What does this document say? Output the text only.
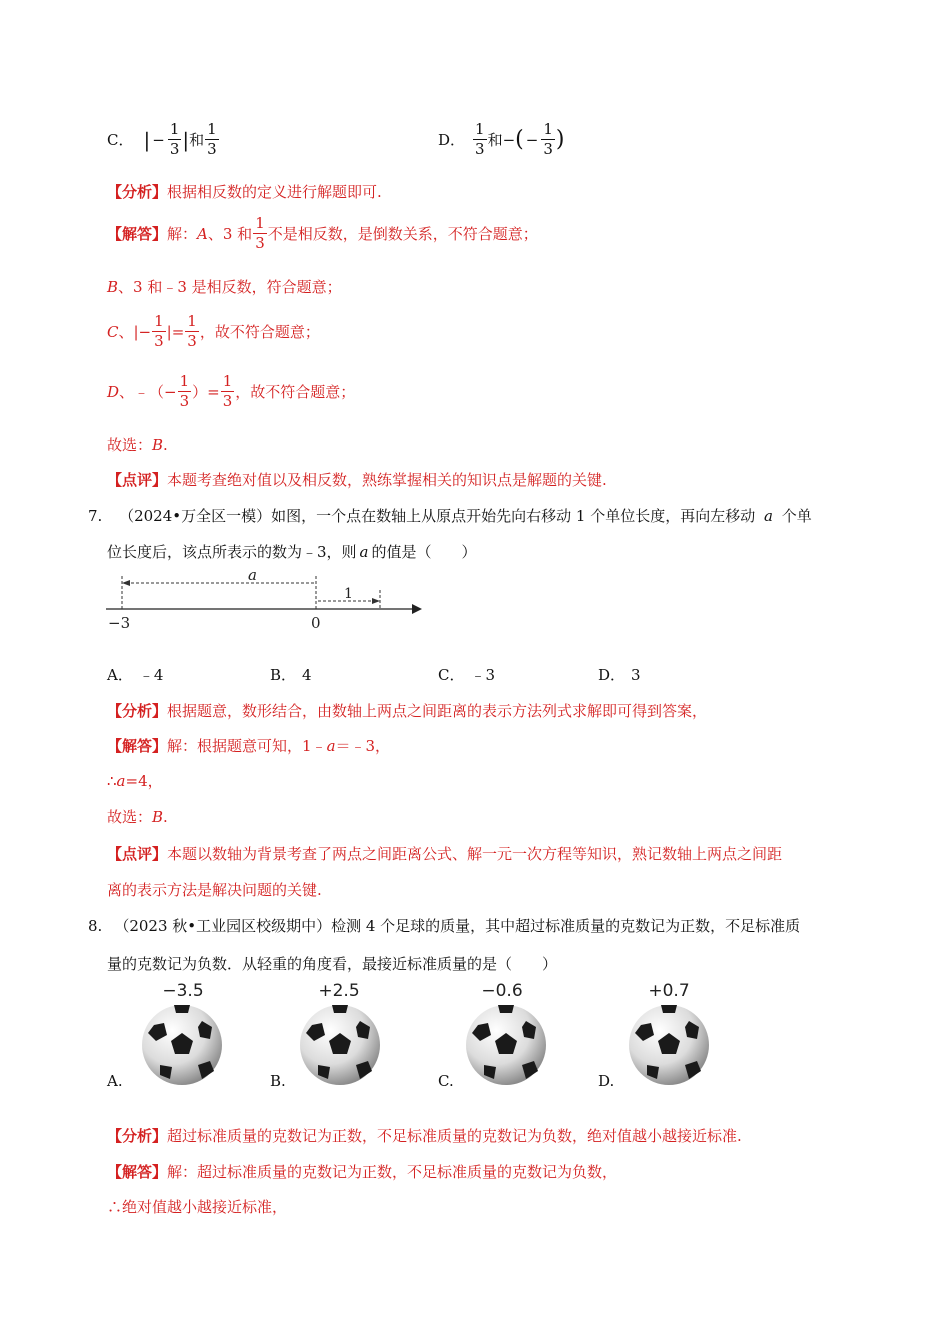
C． | − $\frac{1}{3}$ | 和 $\frac{1}{3}$	D． $\frac{1}{3}$ 和 − ( − $\frac{1}{3}$ )
【分析】根据相反数的定义进行解题即可.
【解答】 解： A 、3 和 $\frac{1}{3}$ 不是相反数，是倒数关系，不符合题意；
B、3 和﹣3 是相反数，符合题意；
C 、|− $\frac{1}{3}$ |= $\frac{1}{3}$ ，故不符合题意；
D 、﹣（− $\frac{1}{3}$ ）= $\frac{1}{3}$ ，故不符合题意；
故选：B.
【点评】本题考查绝对值以及相反数，熟练掌握相关的知识点是解题的关键.
7. （2024•万全区一模）如图，一个点在数轴上从原点开始先向右移动 1 个单位长度，再向左移动 a 个单
位长度后，该点所表示的数为﹣3，则 a 的值是（　　）
a
1
−3	0
A． ﹣4	B． 4	C． ﹣3	D． 3
【分析】根据题意，数形结合，由数轴上两点之间距离的表示方法列式求解即可得到答案，
【解答】解：根据题意可知，1﹣a＝﹣3，
∴a=4，
故选：B.
【点评】本题以数轴为背景考查了两点之间距离公式、解一元一次方程等知识，熟记数轴上两点之间距
离的表示方法是解决问题的关键.
8. （2023 秋•工业园区校级期中）检测 4 个足球的质量，其中超过标准质量的克数记为正数，不足标准质
量的克数记为负数．从轻重的角度看，最接近标准质量的是（　　）
−3.5
A.
+2.5
B.
−0.6
C.
+0.7
D.
【分析】超过标准质量的克数记为正数，不足标准质量的克数记为负数，绝对值越小越接近标准.
【解答】解：超过标准质量的克数记为正数，不足标准质量的克数记为负数，
∴绝对值越小越接近标准，
